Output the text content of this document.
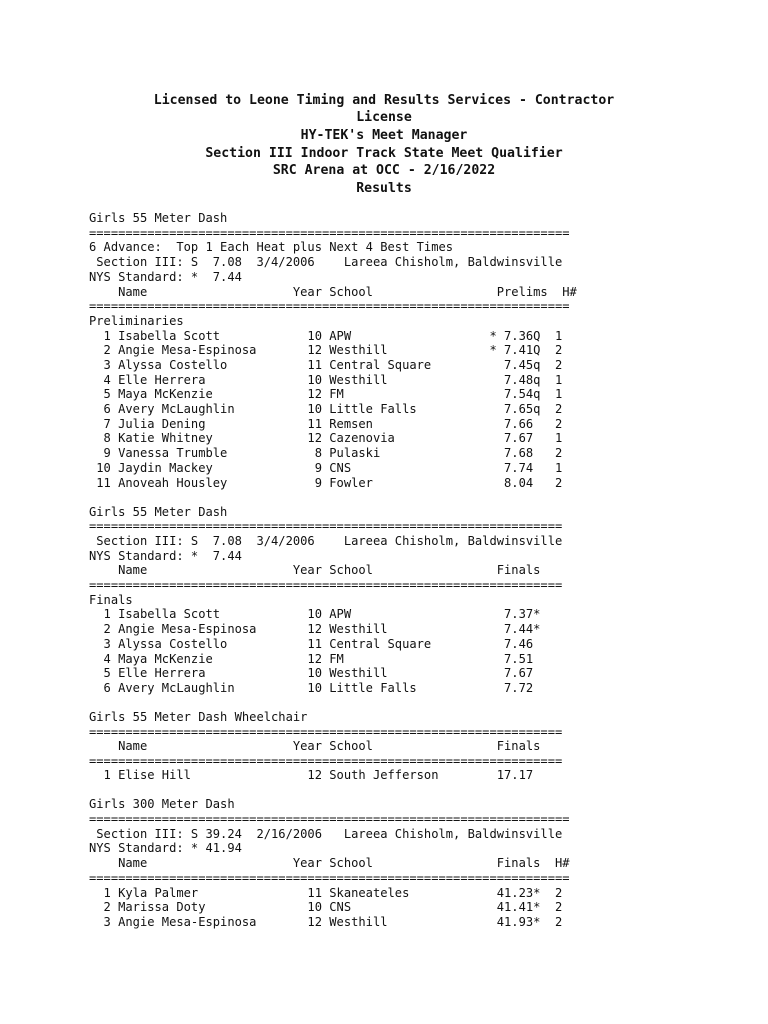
Licensed to Leone Timing and Results Services - Contractor
License
HY-TEK's Meet Manager
Section III Indoor Track State Meet Qualifier
SRC Arena at OCC - 2/16/2022
Results
Girls 55 Meter Dash
==================================================================
6 Advance:  Top 1 Each Heat plus Next 4 Best Times
Section III: S  7.08  3/4/2006    Lareea Chisholm, Baldwinsville
NYS Standard: *  7.44
Name                    Year School                 Prelims  H#
==================================================================
Preliminaries
1 Isabella Scott            10 APW                   * 7.36Q  1
2 Angie Mesa-Espinosa       12 Westhill              * 7.41Q  2
3 Alyssa Costello           11 Central Square          7.45q  2
4 Elle Herrera              10 Westhill                7.48q  1
5 Maya McKenzie             12 FM                      7.54q  1
6 Avery McLaughlin          10 Little Falls            7.65q  2
7 Julia Dening              11 Remsen                  7.66   2
8 Katie Whitney             12 Cazenovia               7.67   1
9 Vanessa Trumble            8 Pulaski                 7.68   2
10 Jaydin Mackey              9 CNS                     7.74   1
11 Anoveah Housley            9 Fowler                  8.04   2
Girls 55 Meter Dash
=================================================================
Section III: S  7.08  3/4/2006    Lareea Chisholm, Baldwinsville
NYS Standard: *  7.44
Name                    Year School                 Finals
=================================================================
Finals
1 Isabella Scott            10 APW                     7.37*
2 Angie Mesa-Espinosa       12 Westhill                7.44*
3 Alyssa Costello           11 Central Square          7.46
4 Maya McKenzie             12 FM                      7.51
5 Elle Herrera              10 Westhill                7.67
6 Avery McLaughlin          10 Little Falls            7.72
Girls 55 Meter Dash Wheelchair
=================================================================
Name                    Year School                 Finals
=================================================================
1 Elise Hill                12 South Jefferson        17.17
Girls 300 Meter Dash
==================================================================
Section III: S 39.24  2/16/2006   Lareea Chisholm, Baldwinsville
NYS Standard: * 41.94
Name                    Year School                 Finals  H#
==================================================================
1 Kyla Palmer               11 Skaneateles            41.23*  2
2 Marissa Doty              10 CNS                    41.41*  2
3 Angie Mesa-Espinosa       12 Westhill               41.93*  2
